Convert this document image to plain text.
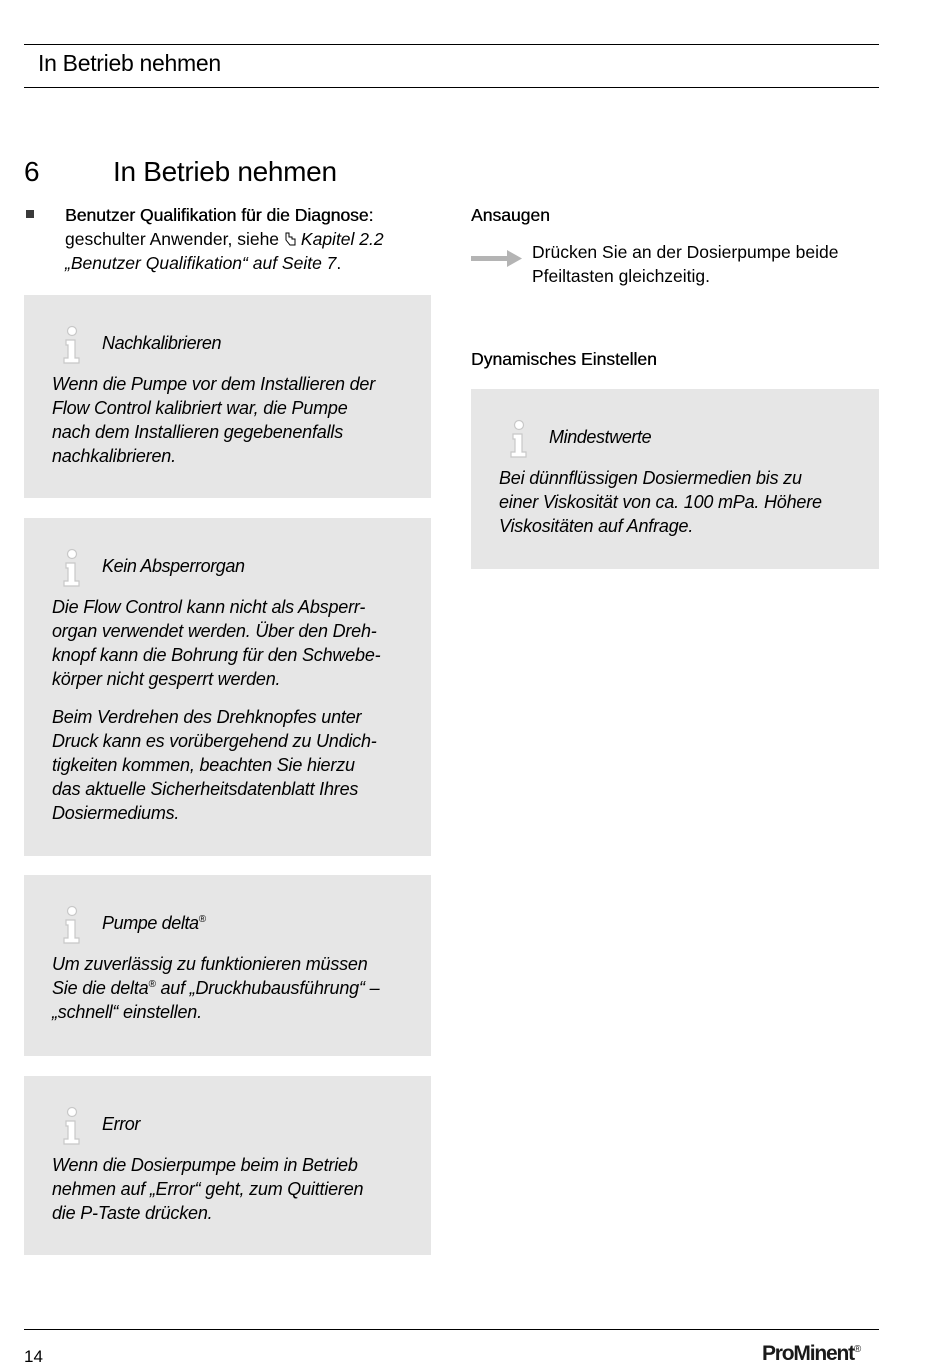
In Betrieb nehmen
6	In Betrieb nehmen
Benutzer Qualifikation für die Diagnose:
geschulter Anwender, siehe Kapitel 2.2
„Benutzer Qualifikation“ auf Seite 7.
Nachkalibrieren
Wenn die Pumpe vor dem Installieren der
Flow Control kalibriert war, die Pumpe
nach dem Installieren gegebenenfalls
nachkalibrieren.
Kein Absperrorgan

Die Flow Control kann nicht als Absperr-
organ verwendet werden. Über den Dreh-
knopf kann die Bohrung für den Schwebe-
körper nicht gesperrt werden.

Beim Verdrehen des Drehknopfes unter
Druck kann es vorübergehend zu Undich-
tigkeiten kommen, beachten Sie hierzu
das aktuelle Sicherheitsdatenblatt Ihres
Dosiermediums.

Pumpe delta®
Um zuverlässig zu funktionieren müssen
Sie die delta® auf „Druckhubausführung“ –
„schnell“ einstellen.
Error
Wenn die Dosierpumpe beim in Betrieb
nehmen auf „Error“ geht, zum Quittieren
die P-Taste drücken.
Ansaugen
Drücken Sie an der Dosierpumpe beide
Pfeiltasten gleichzeitig.
Dynamisches Einstellen
Mindestwerte
Bei dünnflüssigen Dosiermedien bis zu
einer Viskosität von ca. 100 mPa. Höhere
Viskositäten auf Anfrage.
14	ProMinent®
